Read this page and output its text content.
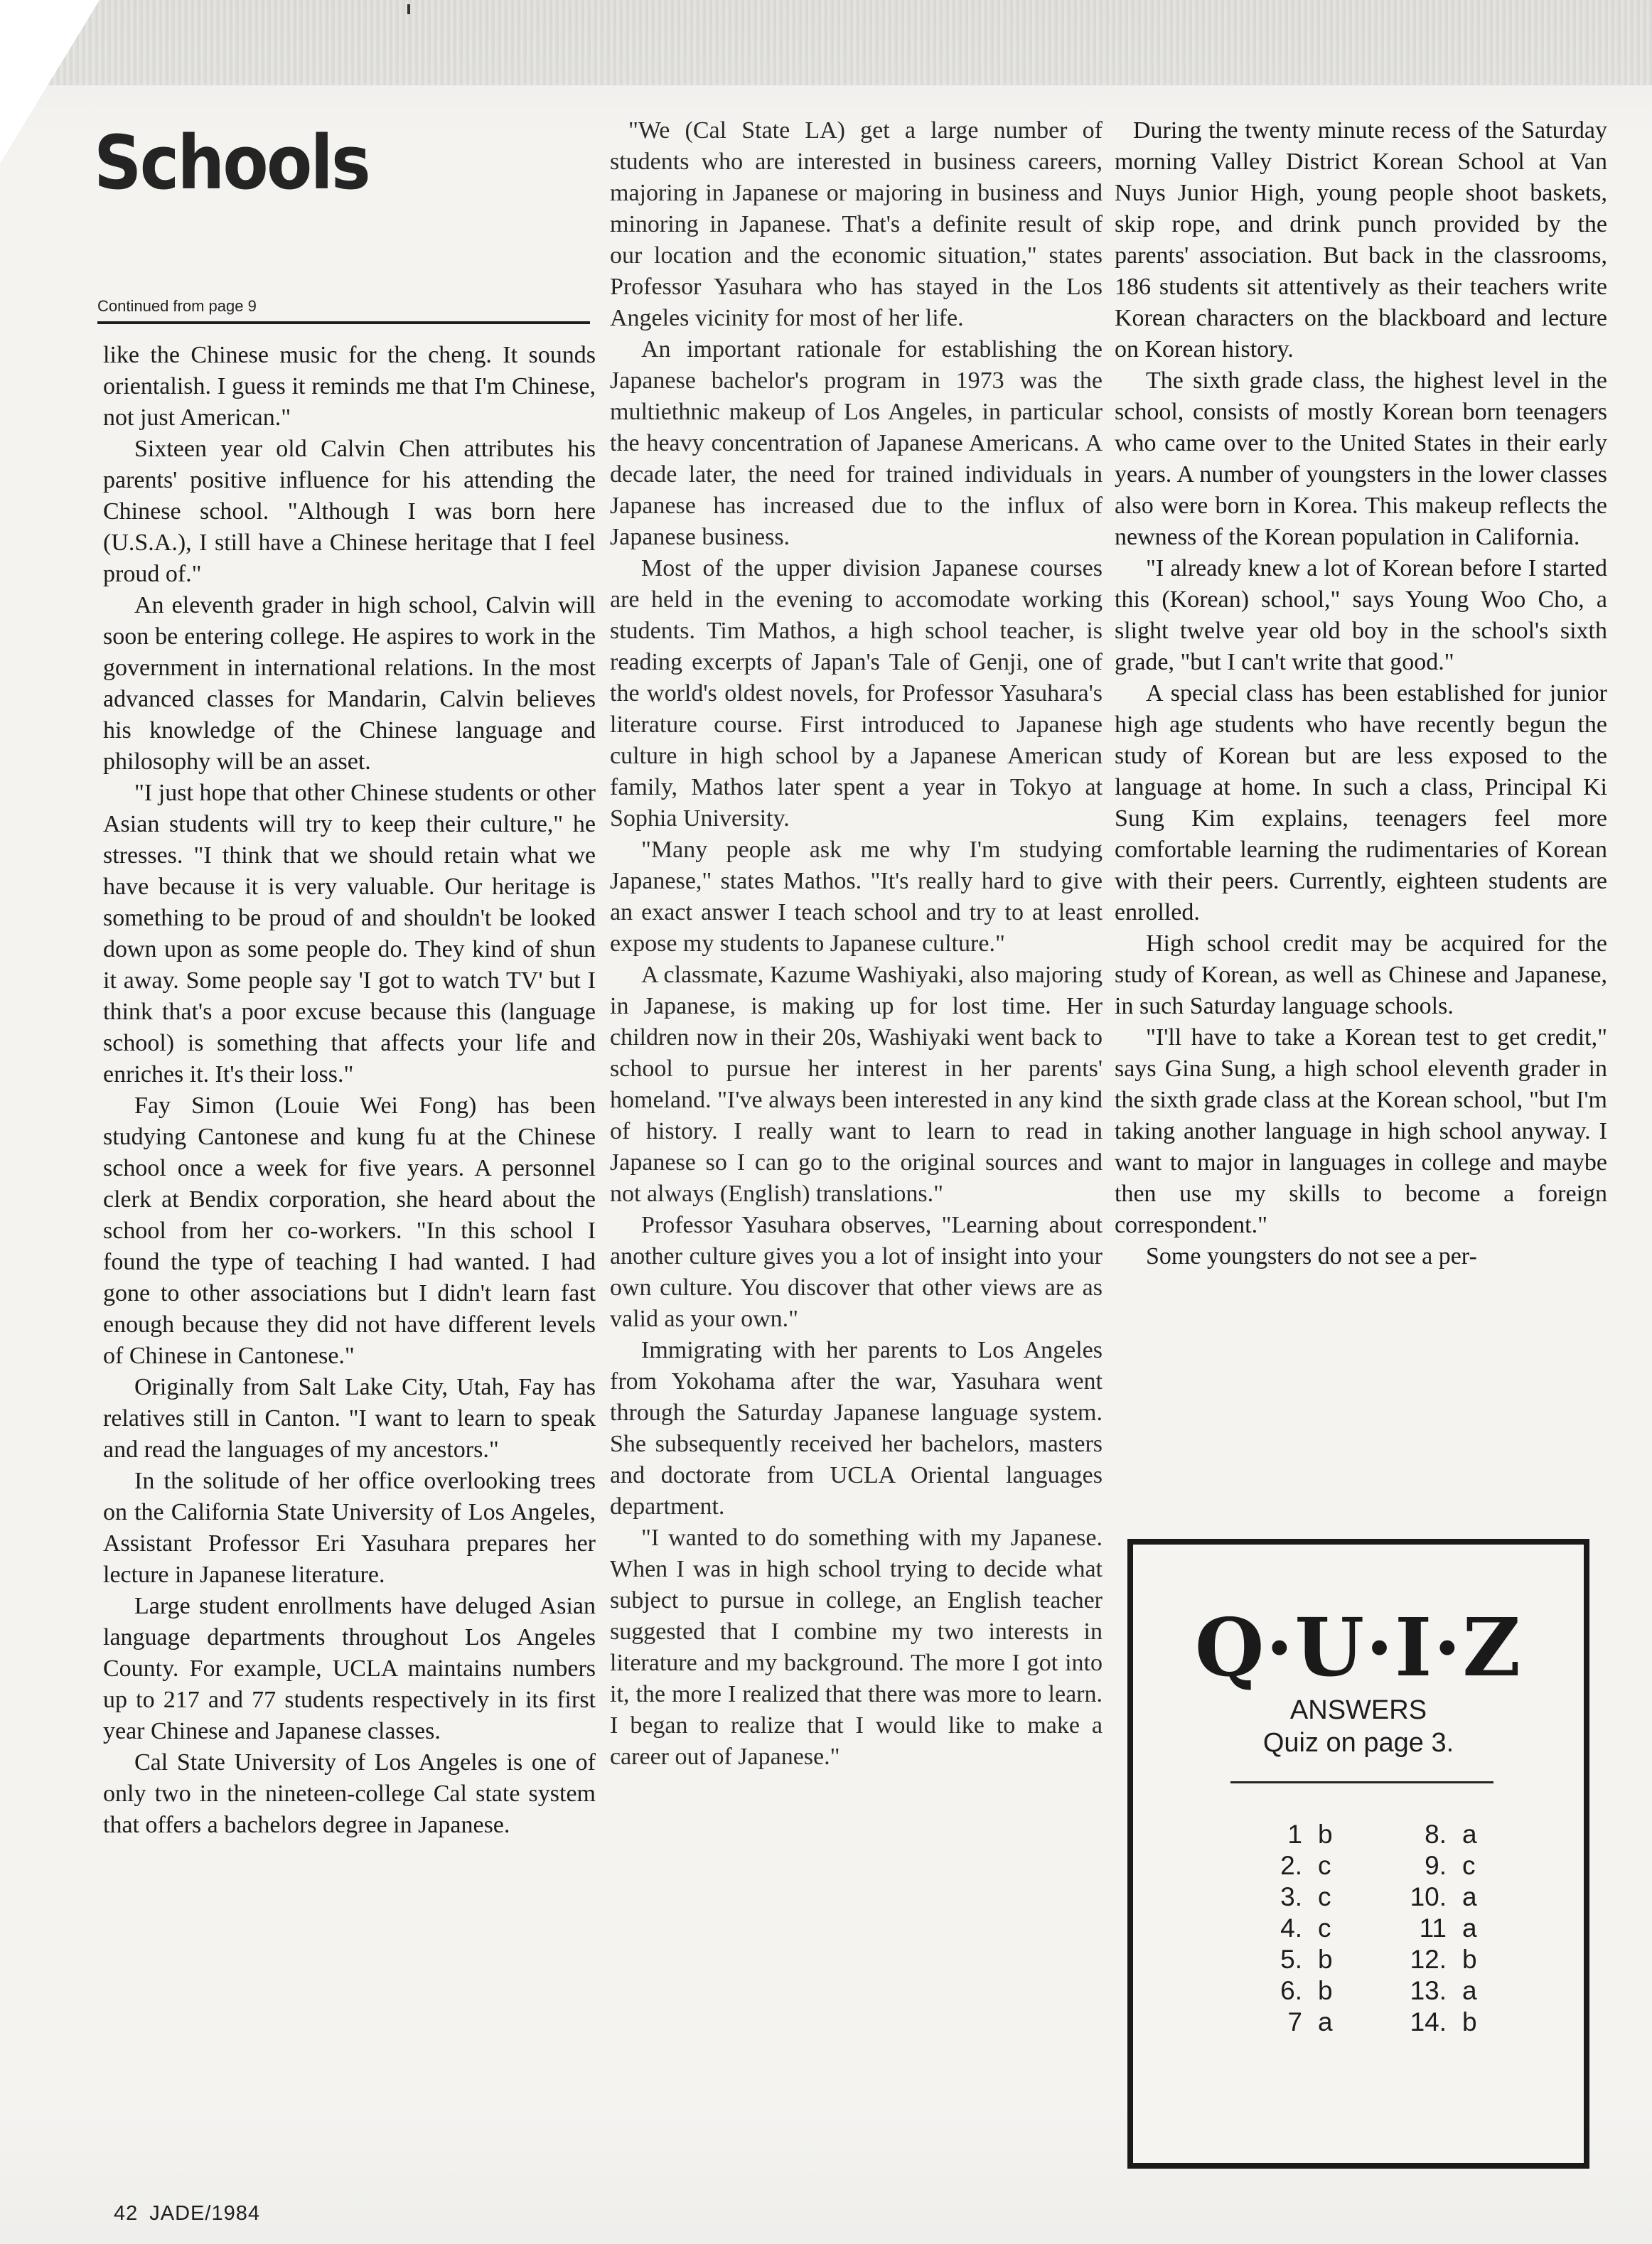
Schools
Continued from page 9

like the Chinese music for the cheng. It sounds orientalish. I guess it reminds me that I'm Chinese, not just American."

Sixteen year old Calvin Chen attributes his parents' positive influence for his attending the Chinese school. "Although I was born here (U.S.A.), I still have a Chinese heritage that I feel proud of."

An eleventh grader in high school, Calvin will soon be entering college. He aspires to work in the government in international relations. In the most advanced classes for Mandarin, Calvin believes his knowledge of the Chinese language and philosophy will be an asset.

"I just hope that other Chinese students or other Asian students will try to keep their culture," he stresses. "I think that we should retain what we have because it is very valuable. Our heritage is something to be proud of and shouldn't be looked down upon as some people do. They kind of shun it away. Some people say 'I got to watch TV' but I think that's a poor excuse because this (language school) is something that affects your life and enriches it. It's their loss."

Fay Simon (Louie Wei Fong) has been studying Cantonese and kung fu at the Chinese school once a week for five years. A personnel clerk at Bendix corporation, she heard about the school from her co-workers. "In this school I found the type of teaching I had wanted. I had gone to other associations but I didn't learn fast enough because they did not have different levels of Chinese in Cantonese."

Originally from Salt Lake City, Utah, Fay has relatives still in Canton. "I want to learn to speak and read the languages of my ancestors."

In the solitude of her office overlooking trees on the California State University of Los Angeles, Assistant Professor Eri Yasuhara prepares her lecture in Japanese literature.

Large student enrollments have deluged Asian language departments throughout Los Angeles County. For example, UCLA maintains numbers up to 217 and 77 students respectively in its first year Chinese and Japanese classes.

Cal State University of Los Angeles is one of only two in the nineteen-college Cal state system that offers a bachelors degree in Japanese.

"We (Cal State LA) get a large number of students who are interested in business careers, majoring in Japanese or majoring in business and minoring in Japanese. That's a definite result of our location and the economic situation," states Professor Yasuhara who has stayed in the Los Angeles vicinity for most of her life.

An important rationale for establishing the Japanese bachelor's program in 1973 was the multiethnic makeup of Los Angeles, in particular the heavy concentration of Japanese Americans. A decade later, the need for trained individuals in Japanese has increased due to the influx of Japanese business.

Most of the upper division Japanese courses are held in the evening to accomodate working students. Tim Mathos, a high school teacher, is reading excerpts of Japan's Tale of Genji, one of the world's oldest novels, for Professor Yasuhara's literature course. First introduced to Japanese culture in high school by a Japanese American family, Mathos later spent a year in Tokyo at Sophia University.

"Many people ask me why I'm studying Japanese," states Mathos. "It's really hard to give an exact answer I teach school and try to at least expose my students to Japanese culture."

A classmate, Kazume Washiyaki, also majoring in Japanese, is making up for lost time. Her children now in their 20s, Washiyaki went back to school to pursue her interest in her parents' homeland. "I've always been interested in any kind of history. I really want to learn to read in Japanese so I can go to the original sources and not always (English) translations."

Professor Yasuhara observes, "Learning about another culture gives you a lot of insight into your own culture. You discover that other views are as valid as your own."

Immigrating with her parents to Los Angeles from Yokohama after the war, Yasuhara went through the Saturday Japanese language system. She subsequently received her bachelors, masters and doctorate from UCLA Oriental languages department.

"I wanted to do something with my Japanese. When I was in high school trying to decide what subject to pursue in college, an English teacher suggested that I combine my two interests in literature and my background. The more I got into it, the more I realized that there was more to learn. I began to realize that I would like to make a career out of Japanese."

During the twenty minute recess of the Saturday morning Valley District Korean School at Van Nuys Junior High, young people shoot baskets, skip rope, and drink punch provided by the parents' association. But back in the classrooms, 186 students sit attentively as their teachers write Korean characters on the blackboard and lecture on Korean history.

The sixth grade class, the highest level in the school, consists of mostly Korean born teenagers who came over to the United States in their early years. A number of youngsters in the lower classes also were born in Korea. This makeup reflects the newness of the Korean population in California.

"I already knew a lot of Korean before I started this (Korean) school," says Young Woo Cho, a slight twelve year old boy in the school's sixth grade, "but I can't write that good."

A special class has been established for junior high age students who have recently begun the study of Korean but are less exposed to the language at home. In such a class, Principal Ki Sung Kim explains, teenagers feel more comfortable learning the rudimentaries of Korean with their peers. Currently, eighteen students are enrolled.

High school credit may be acquired for the study of Korean, as well as Chinese and Japanese, in such Saturday language schools.

"I'll have to take a Korean test to get credit," says Gina Sung, a high school eleventh grader in the sixth grade class at the Korean school, "but I'm taking another language in high school anyway. I want to major in languages in college and maybe then use my skills to become a foreign correspondent."

Some youngsters do not see a per-

Q·U·I·Z
ANSWERS
Quiz on page 3.
1 b
2. c
3. c
4. c
5. b
6. b
7 a
8. a
9. c
10. a
11 a
12. b
13. a
14. b
42 JADE/1984
